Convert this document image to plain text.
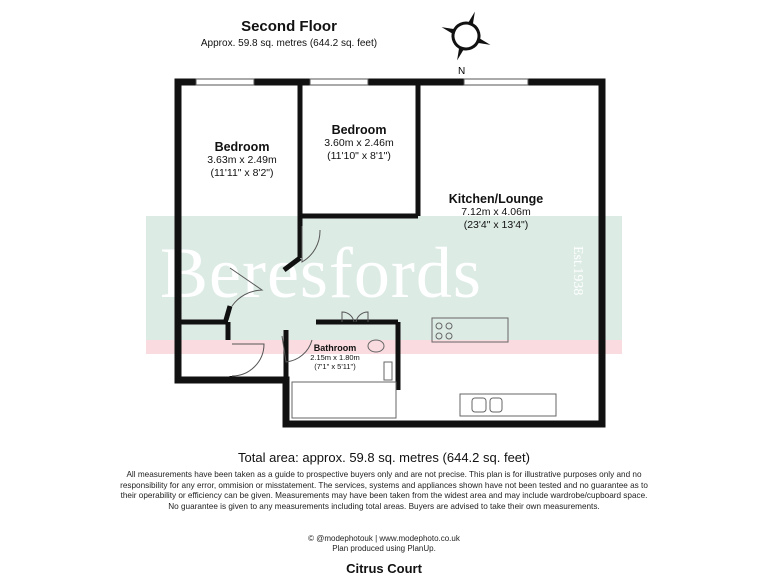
Second Floor
Approx. 59.8 sq. metres (644.2 sq. feet)
N
Beresfords	Est.1938
Bedroom
3.63m x 2.49m
(11'11" x 8'2")
Bedroom
3.60m x 2.46m
(11'10" x 8'1")
Kitchen/Lounge
7.12m x 4.06m
(23'4" x 13'4")
Bathroom
2.15m x 1.80m
(7'1" x 5'11")
Total area: approx. 59.8 sq. metres (644.2 sq. feet)
All measurements have been taken as a guide to prospective buyers only and are not precise. This plan is for illustrative purposes only and no responsibility for any error, ommision or misstatement. The services, systems and appliances shown have not been tested and no guarantee as to their operability or efficiency can be given. Measurements may have been taken from the widest area and may include wardrobe/cupboard space. No guarantee is given to any measurements including total areas. Buyers are advised to take their own measurements.
© @modephotouk | www.modephoto.co.uk
Plan produced using PlanUp.
Citrus Court
